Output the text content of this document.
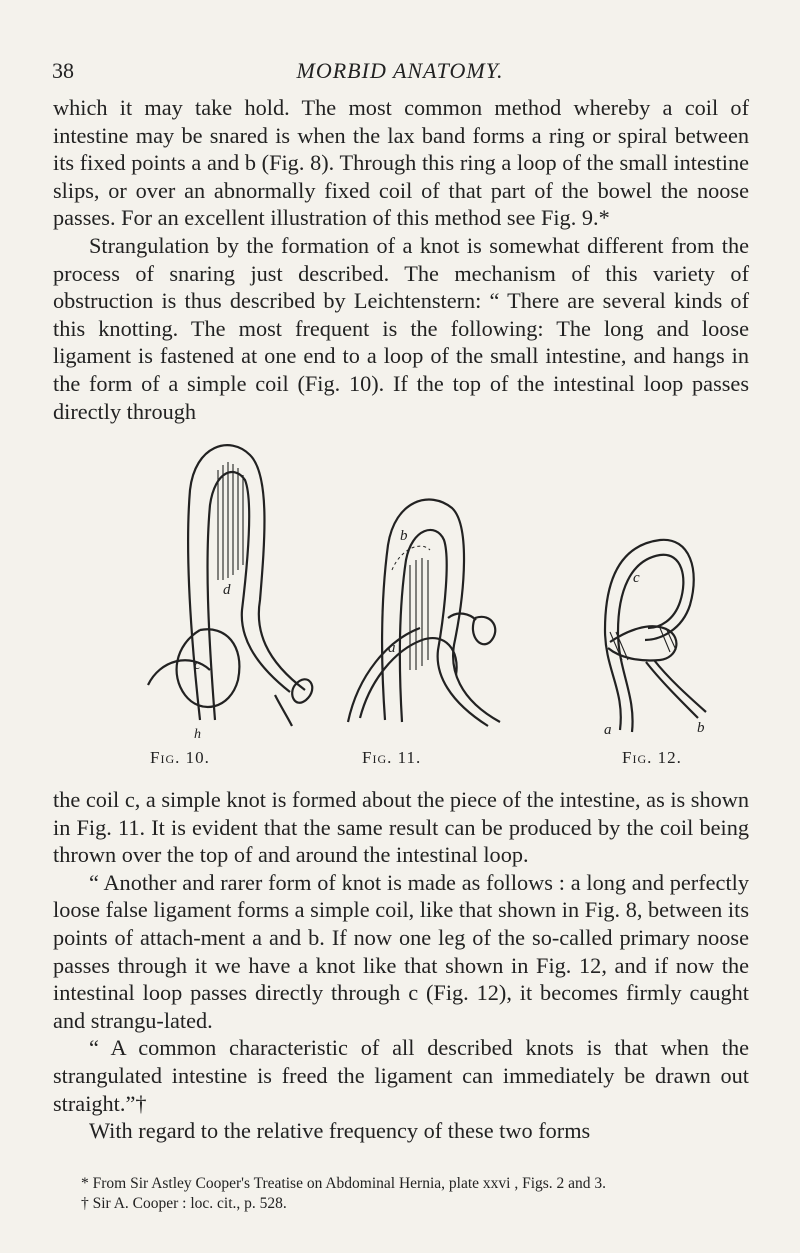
38	MORBID ANATOMY.

which it may take hold. The most common method whereby a coil of intestine may be snared is when the lax band forms a ring or spiral between its fixed points a and b (Fig. 8). Through this ring a loop of the small intestine slips, or over an abnormally fixed coil of that part of the bowel the noose passes. For an excellent illustration of this method see Fig. 9.*

Strangulation by the formation of a knot is somewhat different from the process of snaring just described. The mechanism of this variety of obstruction is thus described by Leichtenstern: “ There are several kinds of this knotting. The most frequent is the following: The long and loose ligament is fastened at one end to a loop of the small intestine, and hangs in the form of a simple coil (Fig. 10). If the top of the intestinal loop passes directly through

d
c
h
Fig. 10.
b
a
Fig. 11.
c
a	b
Fig. 12.

the coil c, a simple knot is formed about the piece of the intestine, as is shown in Fig. 11. It is evident that the same result can be produced by the coil being thrown over the top of and around the intestinal loop.

“ Another and rarer form of knot is made as follows : a long and perfectly loose false ligament forms a simple coil, like that shown in Fig. 8, between its points of attach-ment a and b. If now one leg of the so-called primary noose passes through it we have a knot like that shown in Fig. 12, and if now the intestinal loop passes directly through c (Fig. 12), it becomes firmly caught and strangu-lated.

“ A common characteristic of all described knots is that when the strangulated intestine is freed the ligament can immediately be drawn out straight.”†

With regard to the relative frequency of these two forms

* From Sir Astley Cooper's Treatise on Abdominal Hernia, plate xxvi , Figs. 2 and 3.

† Sir A. Cooper : loc. cit., p. 528.
